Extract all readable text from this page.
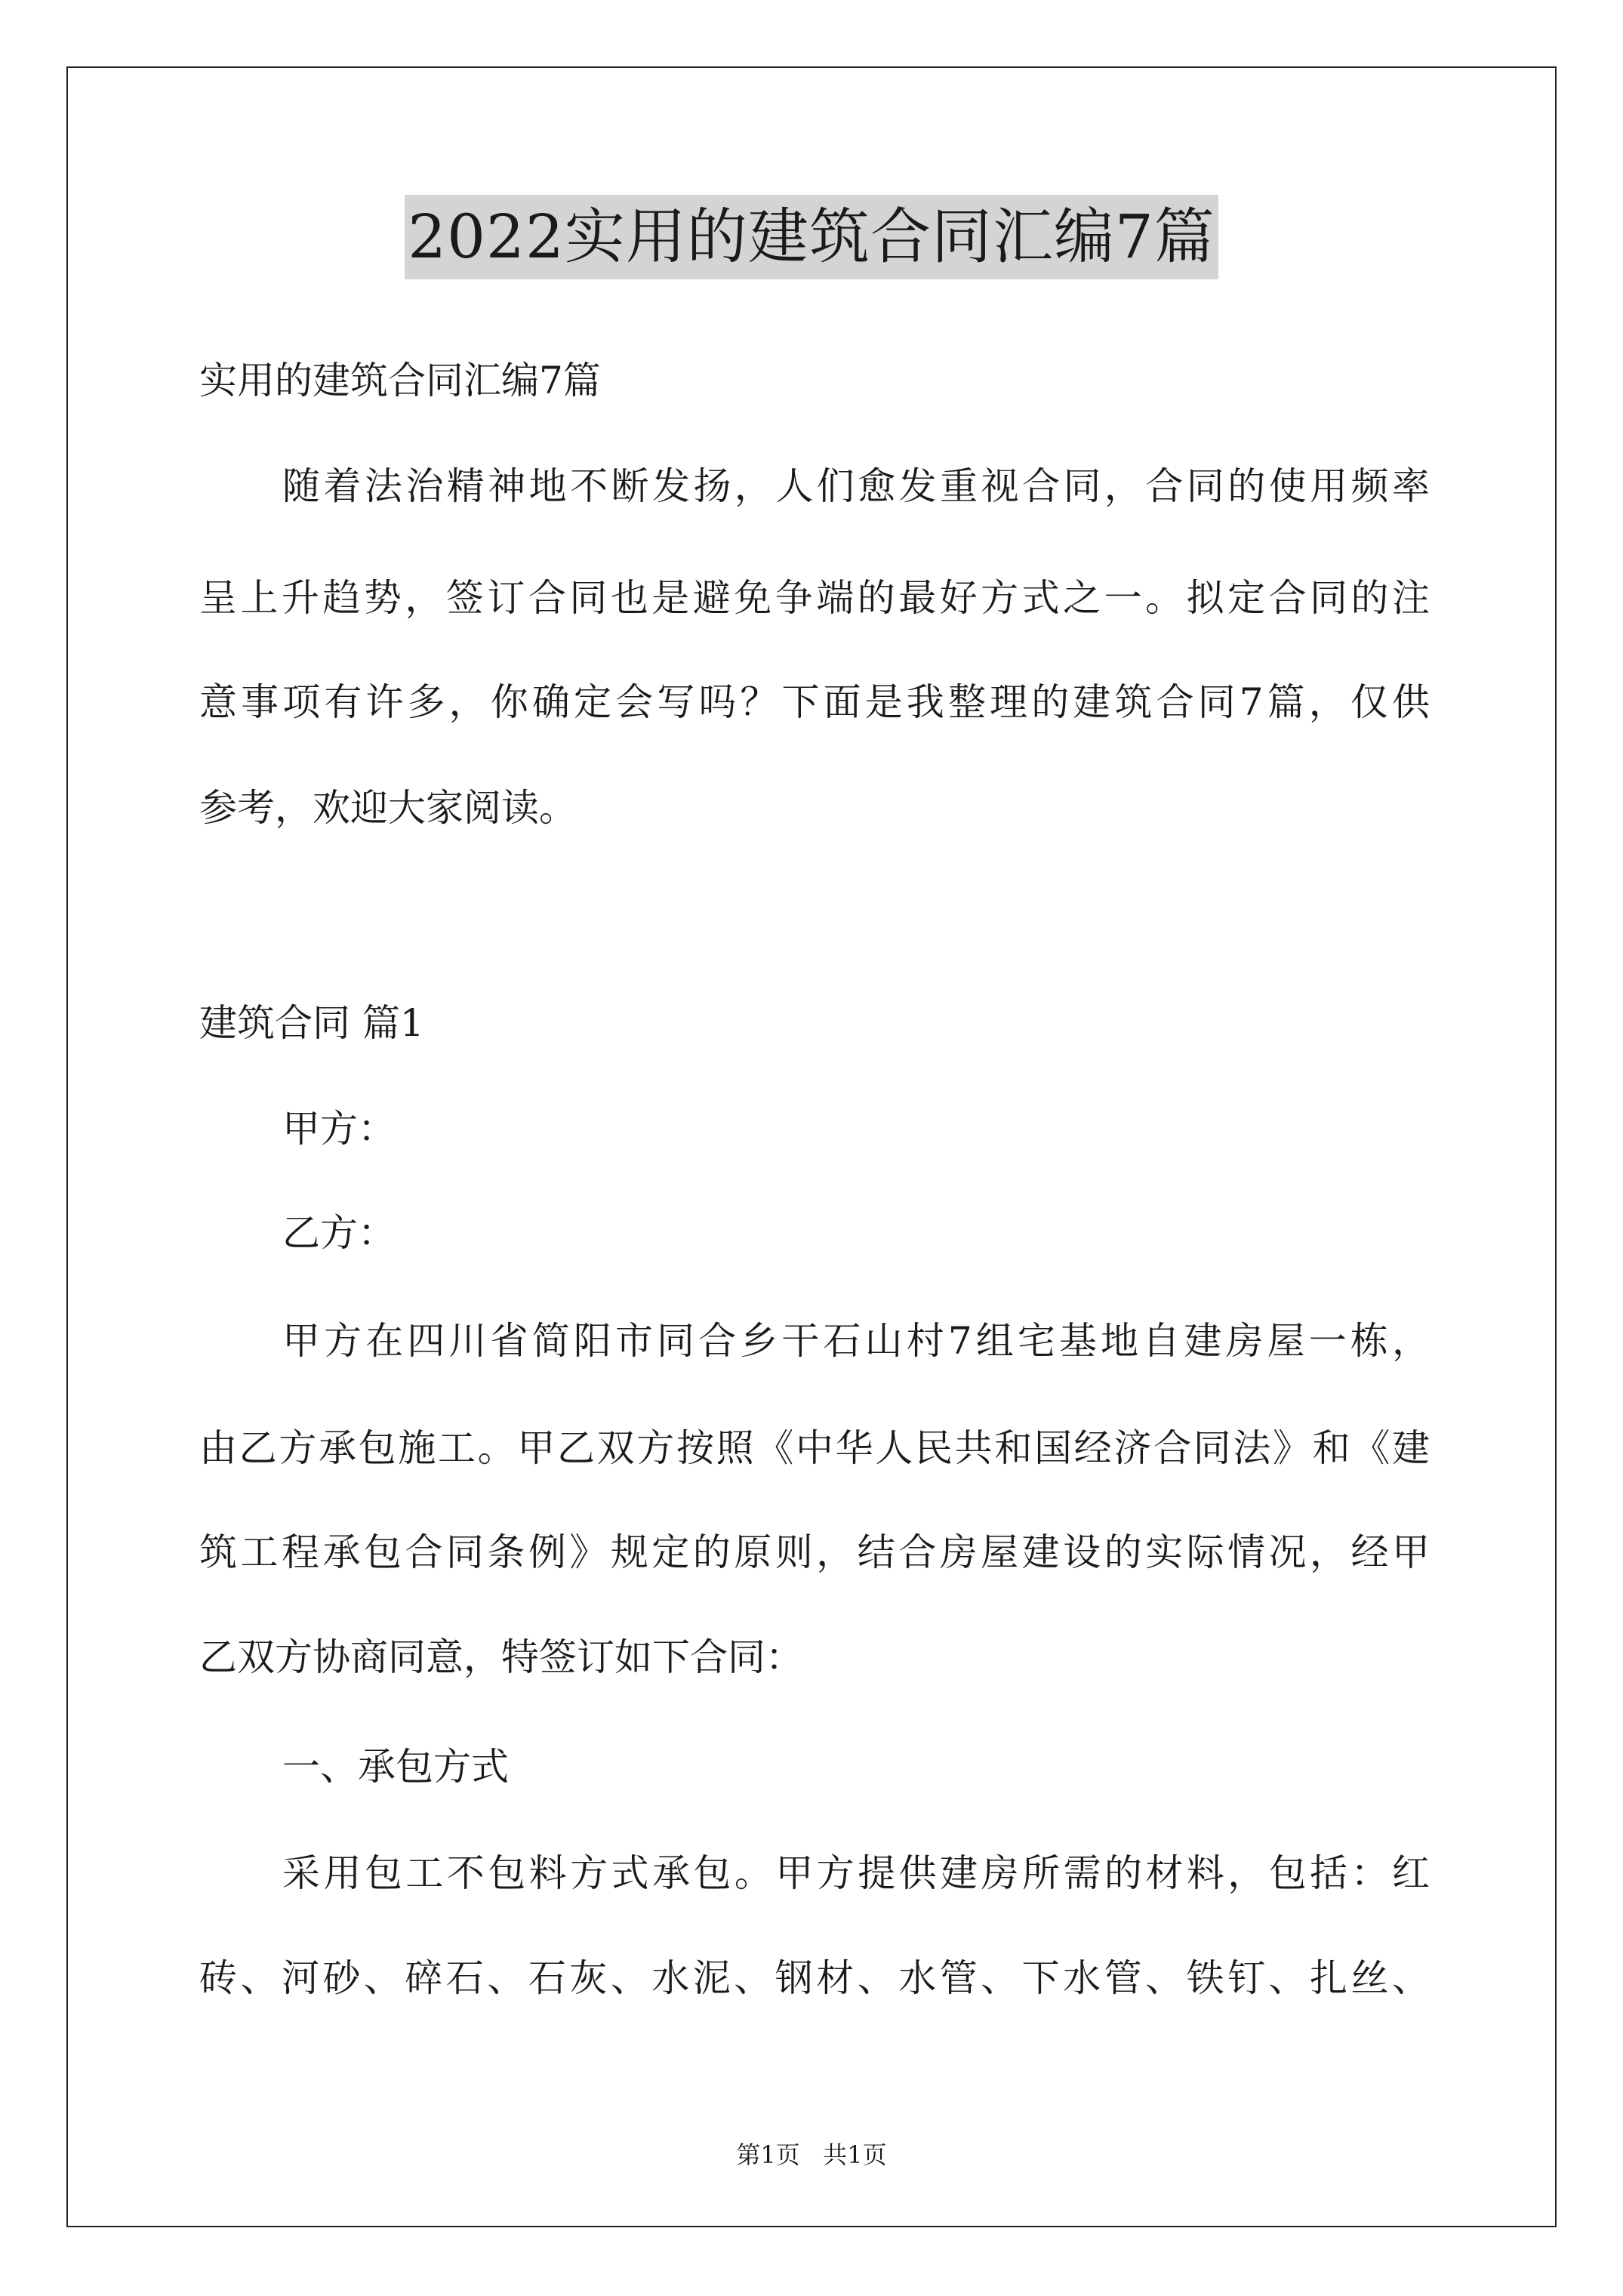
2022实用的建筑合同汇编7篇
实用的建筑合同汇编7篇
随着法治精神地不断发扬，人们愈发重视合同，合同的使用频率
呈上升趋势，签订合同也是避免争端的最好方式之一。拟定合同的注
意事项有许多，你确定会写吗？下面是我整理的建筑合同7篇，仅供
参考，欢迎大家阅读。
建筑合同 篇1
甲方：
乙方：
甲方在四川省简阳市同合乡干石山村7组宅基地自建房屋一栋，
由乙方承包施工。甲乙双方按照《中华人民共和国经济合同法》和《建
筑工程承包合同条例》规定的原则，结合房屋建设的实际情况，经甲
乙双方协商同意，特签订如下合同：
一、承包方式
采用包工不包料方式承包。甲方提供建房所需的材料，包括：红
砖、河砂、碎石、石灰、水泥、钢材、水管、下水管、铁钉、扎丝、
第1页   共1页
